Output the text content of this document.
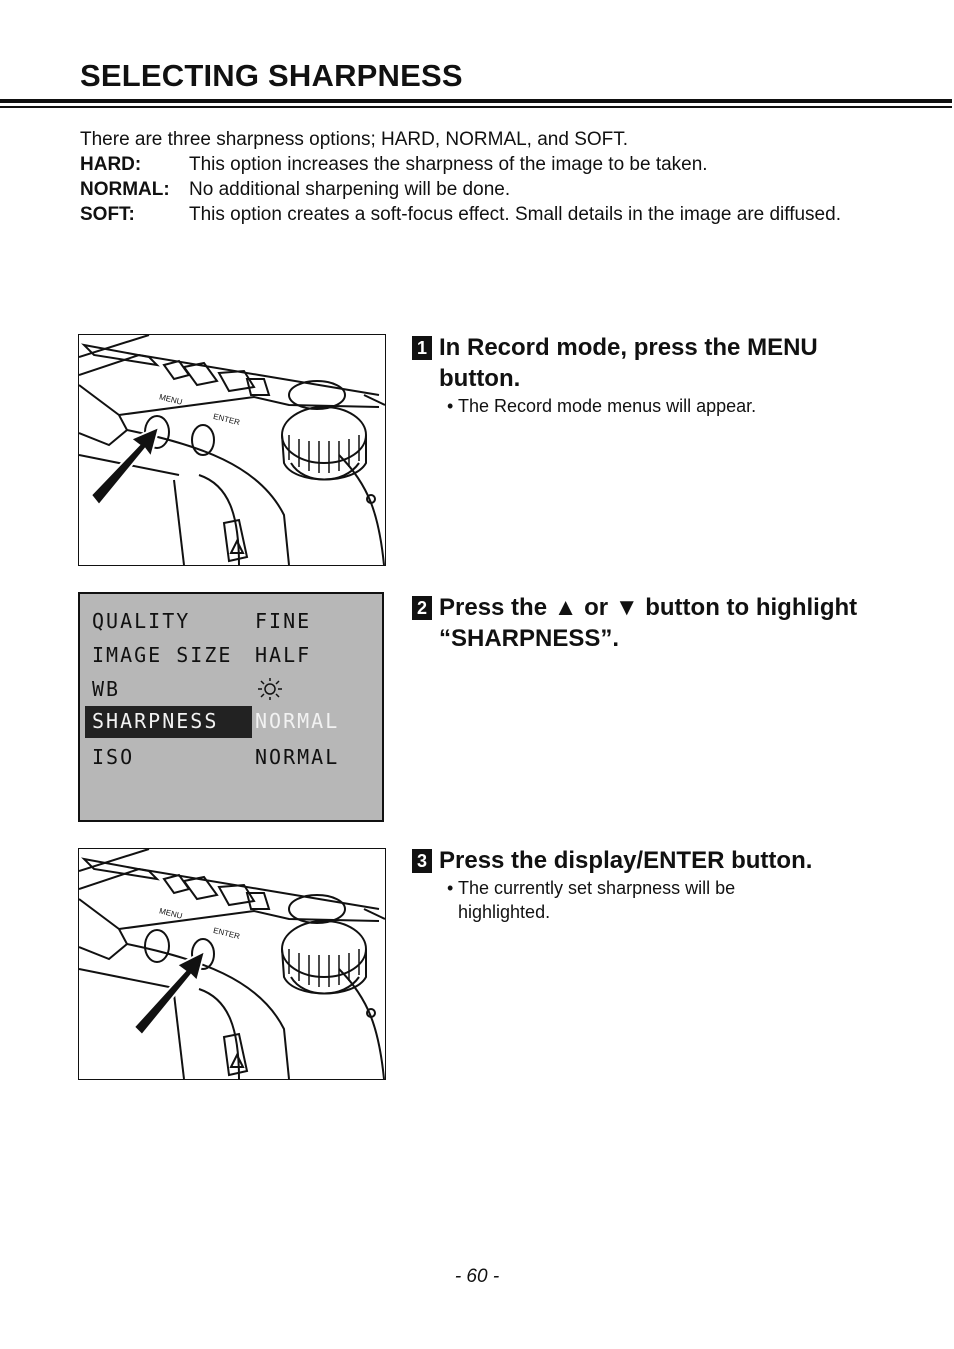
SELECTING SHARPNESS
There are three sharpness options; HARD, NORMAL, and SOFT.
HARD:	This option increases the sharpness of the image to be taken.
NORMAL:	No additional sharpening will be done.
SOFT:	This option creates a soft-focus effect. Small details in the image are diffused.
MENU
ENTER
QUALITY	FINE
IMAGE SIZE HALF
WB
SHARPNESS NORMAL
ISO	NORMAL
MENU
ENTER
1 In Record mode, press the MENU button.
• The Record mode menus will appear.
2 Press the ▲ or ▼ button to highlight “SHARPNESS”.
3 Press the display/ENTER button.
• The currently set sharpness will be highlighted.
- 60 -
